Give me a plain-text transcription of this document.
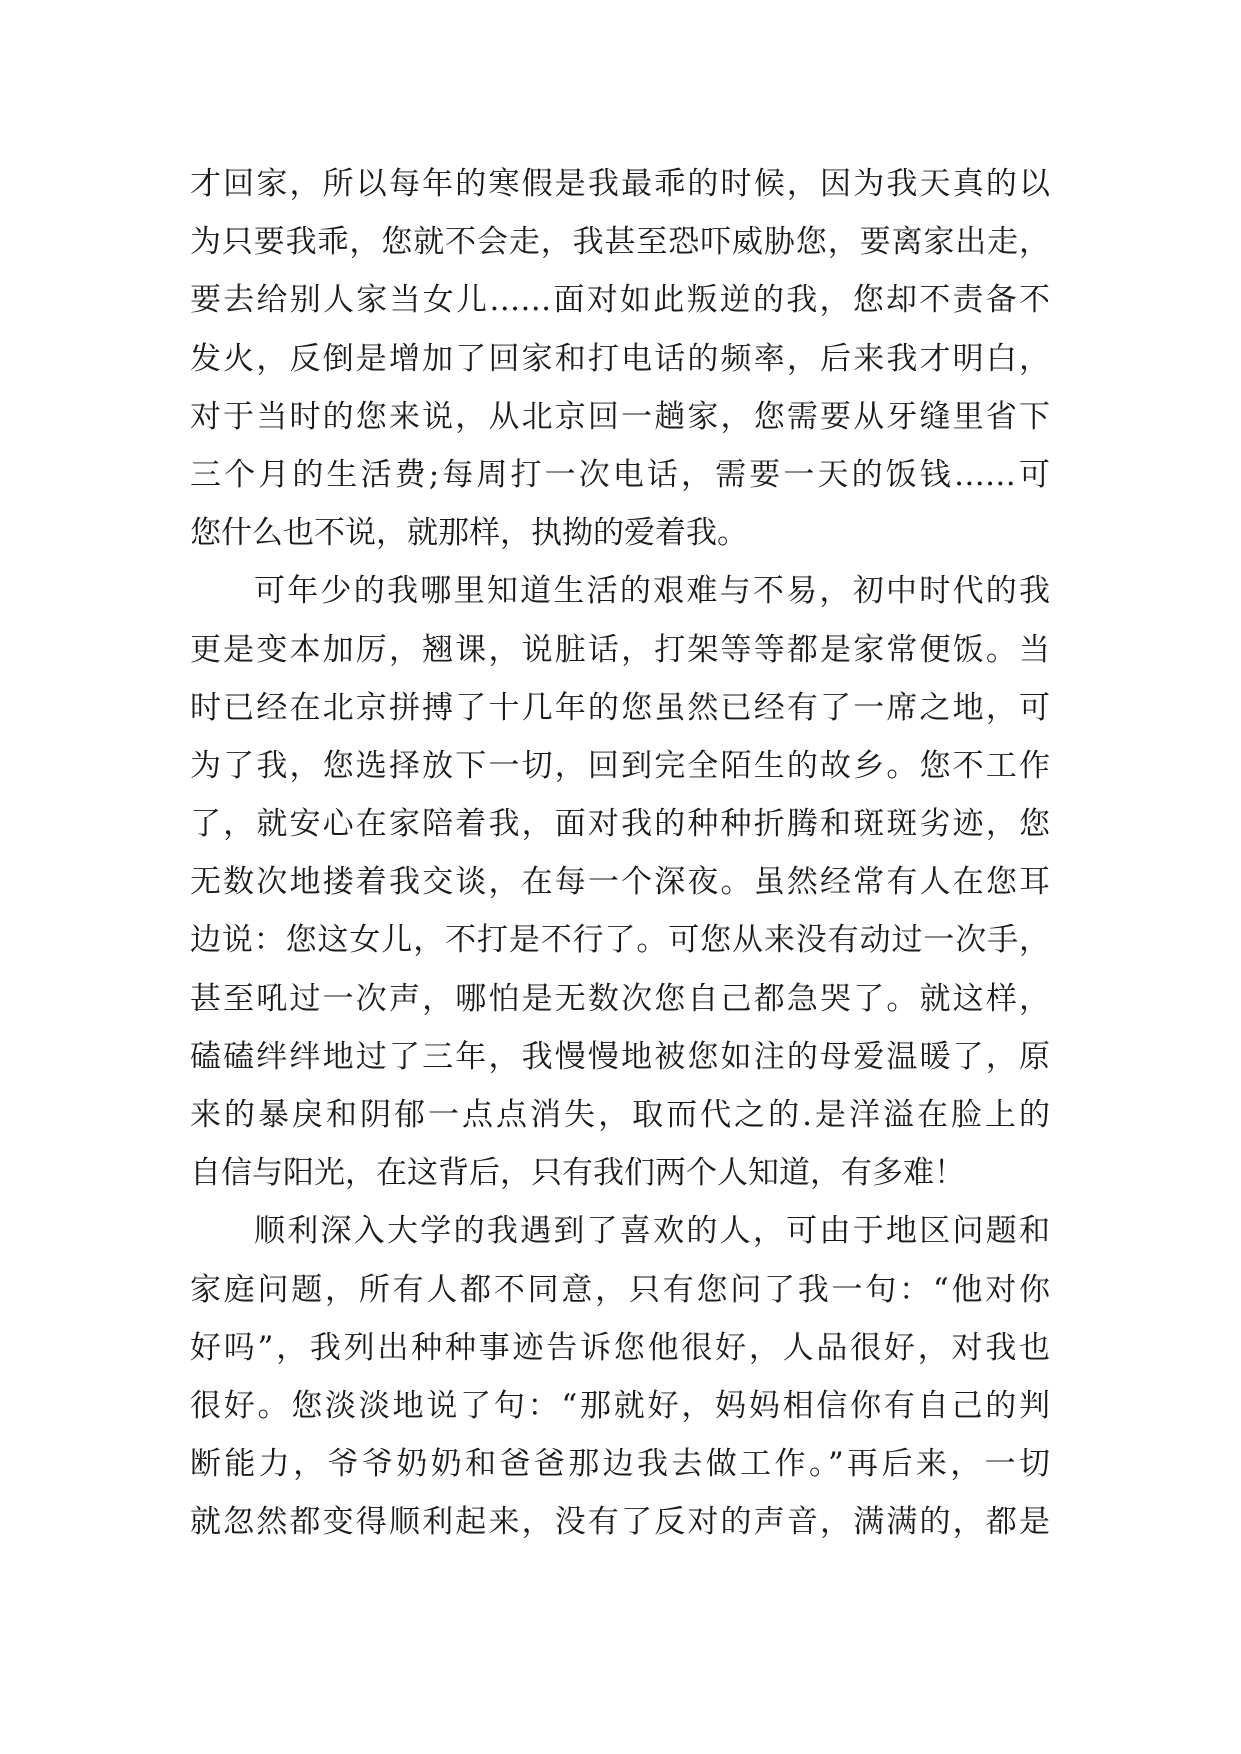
才回家，所以每年的寒假是我最乖的时候，因为我天真的以
为只要我乖，您就不会走，我甚至恐吓威胁您，要离家出走，
要去给别人家当女儿……面对如此叛逆的我，您却不责备不
发火，反倒是增加了回家和打电话的频率，后来我才明白，
对于当时的您来说，从北京回一趟家，您需要从牙缝里省下
三个月的生活费;每周打一次电话，需要一天的饭钱……可
您什么也不说，就那样，执拗的爱着我。
可年少的我哪里知道生活的艰难与不易，初中时代的我
更是变本加厉，翘课，说脏话，打架等等都是家常便饭。当
时已经在北京拼搏了十几年的您虽然已经有了一席之地，可
为了我，您选择放下一切，回到完全陌生的故乡。您不工作
了，就安心在家陪着我，面对我的种种折腾和斑斑劣迹，您
无数次地搂着我交谈，在每一个深夜。虽然经常有人在您耳
边说：您这女儿，不打是不行了。可您从来没有动过一次手，
甚至吼过一次声，哪怕是无数次您自己都急哭了。就这样，
磕磕绊绊地过了三年，我慢慢地被您如注的母爱温暖了，原
来的暴戾和阴郁一点点消失，取而代之的.是洋溢在脸上的
自信与阳光，在这背后，只有我们两个人知道，有多难！
顺利深入大学的我遇到了喜欢的人，可由于地区问题和
家庭问题，所有人都不同意，只有您问了我一句：“他对你
好吗”，我列出种种事迹告诉您他很好，人品很好，对我也
很好。您淡淡地说了句：“那就好，妈妈相信你有自己的判
断能力，爷爷奶奶和爸爸那边我去做工作。”再后来，一切
就忽然都变得顺利起来，没有了反对的声音，满满的，都是
